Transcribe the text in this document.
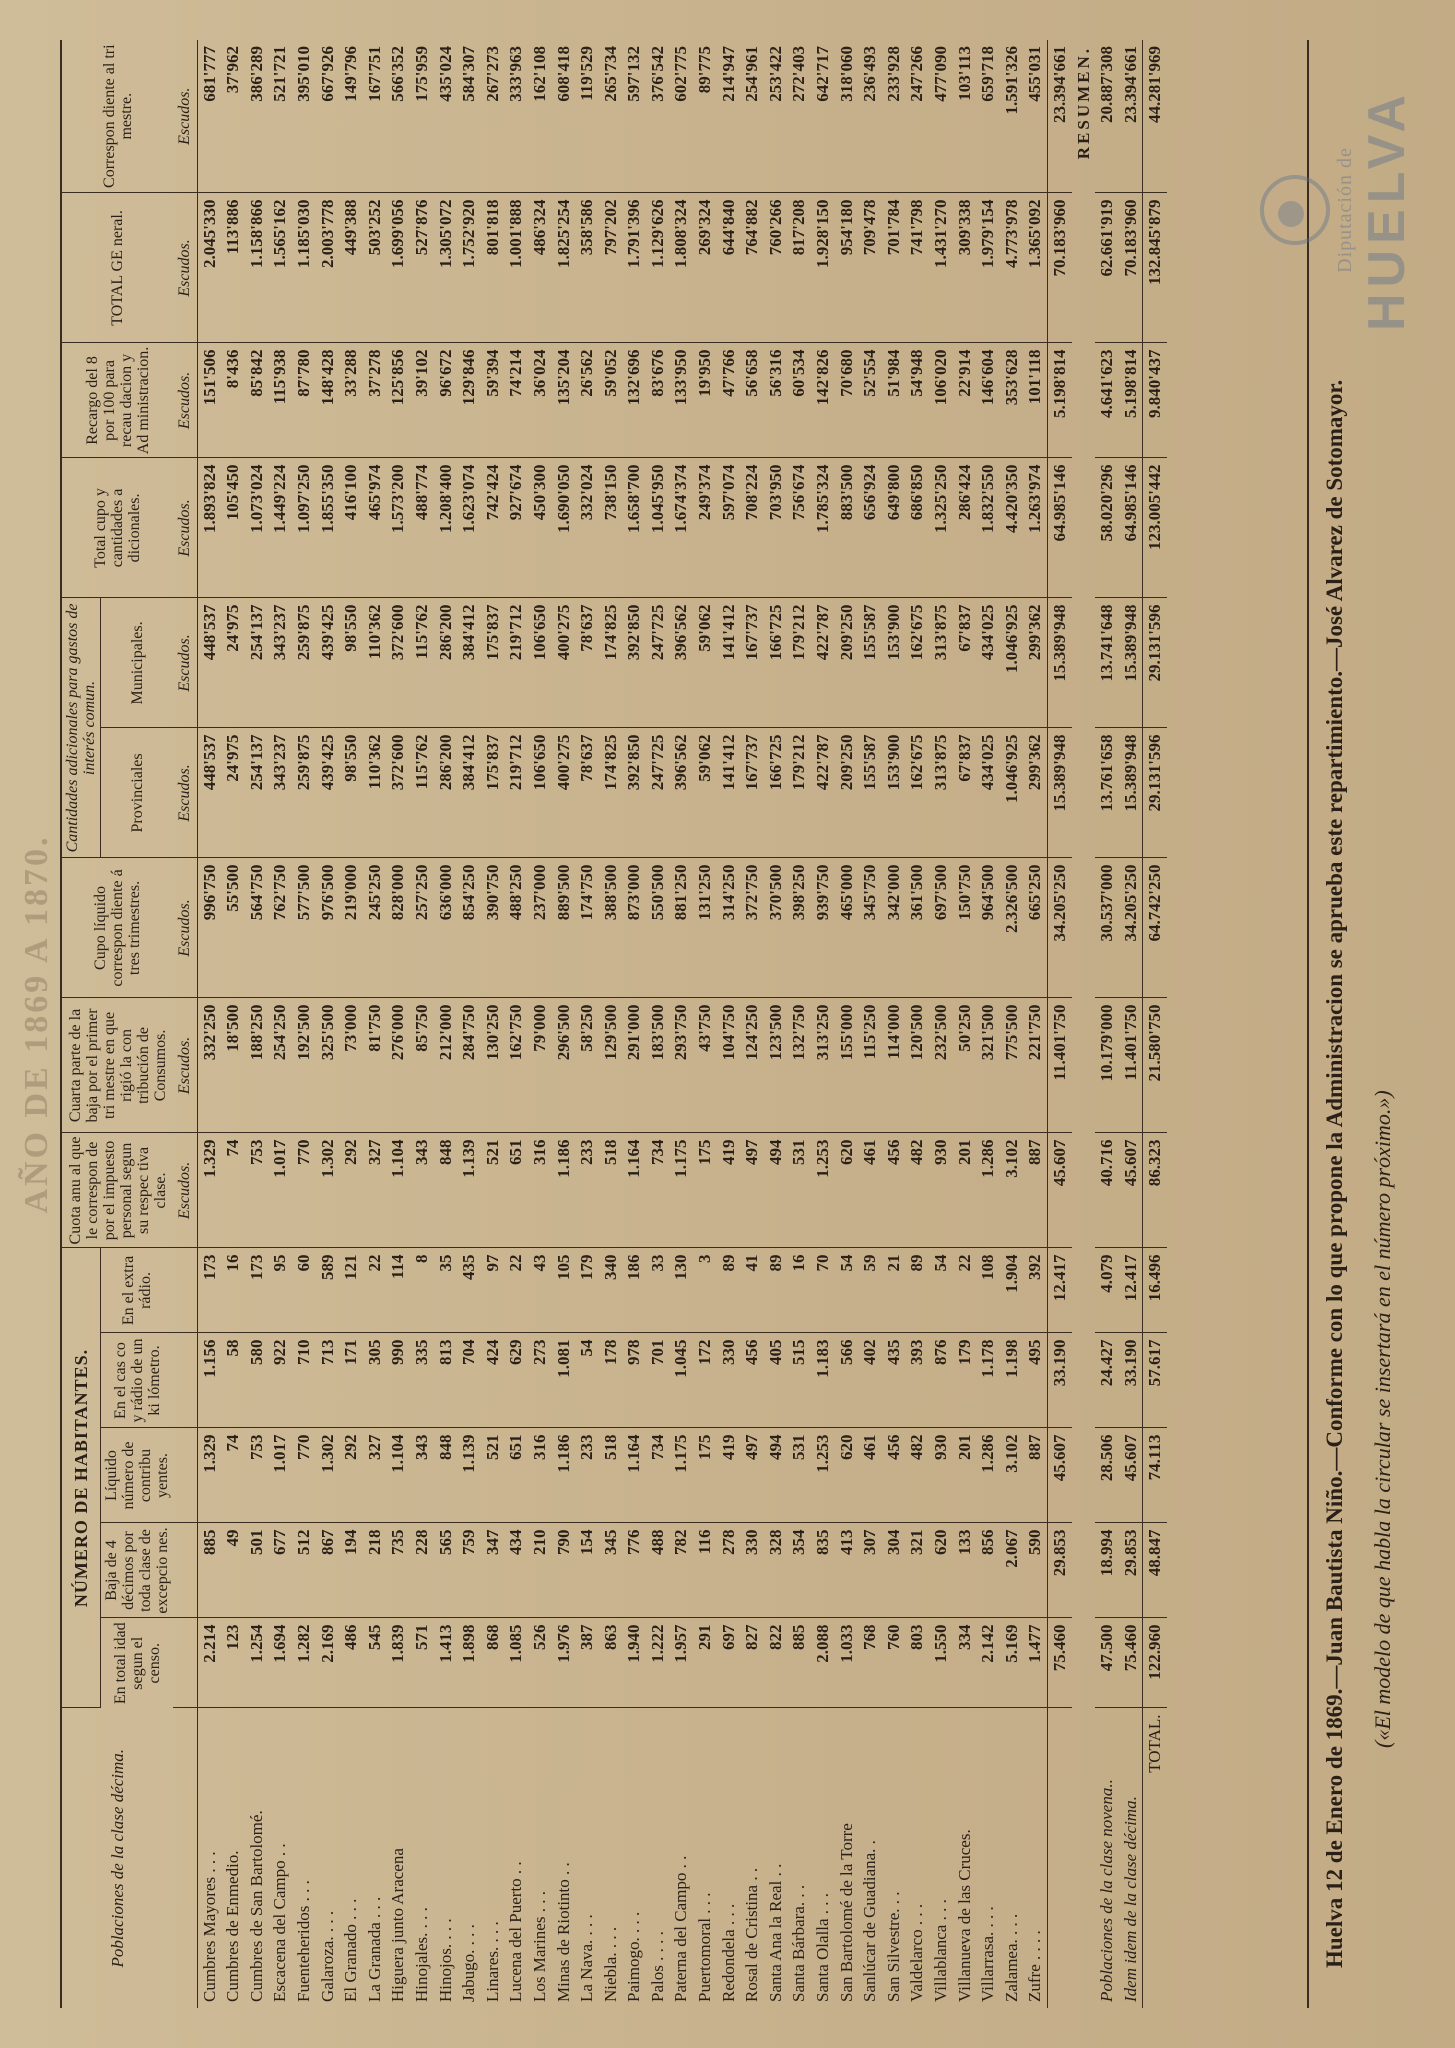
AÑO DE 1869 A 1870.
Poblaciones de la clase décima.	NÚMERO DE HABITANTES.					Cuota anu al que le correspon de por el impuesto personal segun su respec tiva clase.	Cuarta parte de la baja por el primer tri mestre en que rigió la con tribución de Consumos.	Cupo líquido correspon diente á tres trimestres.	Cantidades adicionales para gastos de interés comun.		Total cupo y cantidades a dicionales.	Recargo del 8 por 100 para recau dacion y Ad ministracion.	TOTAL GE neral.	Correspon diente al tri mestre.
	En total idad segun el censo.	Baja de 4 décimos por toda clase de excepcio nes.	Líquido número de contribu yentes.	En el cas co y rádio de un ki lómetro.	En el extra rádio.				Provinciales	Municipales.				
						Escudos.	Escudos.	Escudos.	Escudos.	Escudos.	Escudos.	Escudos.	Escudos.	Escudos.
Cumbres Mayores . . .	2.214	885	1.329	1.156	173	1.329	332'250	996'750	448'537	448'537	1.893'824	151'506	2.045'330	681'777
Cumbres de Enmedio.	123	49	74	58	16	74	18'500	55'500	24'975	24'975	105'450	8'436	113'886	37'962
Cumbres de San Bartolomé.	1.254	501	753	580	173	753	188'250	564'750	254'137	254'137	1.073'024	85'842	1.158'866	386'289
Escacena del Campo . .	1.694	677	1.017	922	95	1.017	254'250	762'750	343'237	343'237	1.449'224	115'938	1.565'162	521'721
Fuenteheridos . . .	1.282	512	770	710	60	770	192'500	577'500	259'875	259'875	1.097'250	87'780	1.185'030	395'010
Galaroza. . . .	2.169	867	1.302	713	589	1.302	325'500	976'500	439'425	439'425	1.855'350	148'428	2.003'778	667'926
El Granado . . .	486	194	292	171	121	292	73'000	219'000	98'550	98'550	416'100	33'288	449'388	149'796
La Granada . . .	545	218	327	305	22	327	81'750	245'250	110'362	110'362	465'974	37'278	503'252	167'751
Higuera junto Aracena	1.839	735	1.104	990	114	1.104	276'000	828'000	372'600	372'600	1.573'200	125'856	1.699'056	566'352
Hinojales. . . .	571	228	343	335	8	343	85'750	257'250	115'762	115'762	488'774	39'102	527'876	175'959
Hinojos. . . .	1.413	565	848	813	35	848	212'000	636'000	286'200	286'200	1.208'400	96'672	1.305'072	435'024
Jabugo. . . .	1.898	759	1.139	704	435	1.139	284'750	854'250	384'412	384'412	1.623'074	129'846	1.752'920	584'307
Linares. . . .	868	347	521	424	97	521	130'250	390'750	175'837	175'837	742'424	59'394	801'818	267'273
Lucena del Puerto . .	1.085	434	651	629	22	651	162'750	488'250	219'712	219'712	927'674	74'214	1.001'888	333'963
Los Marines . . .	526	210	316	273	43	316	79'000	237'000	106'650	106'650	450'300	36'024	486'324	162'108
Minas de Riotinto . .	1.976	790	1.186	1.081	105	1.186	296'500	889'500	400'275	400'275	1.690'050	135'204	1.825'254	608'418
La Nava. . . .	387	154	233	54	179	233	58'250	174'750	78'637	78'637	332'024	26'562	358'586	119'529
Niebla. . . .	863	345	518	178	340	518	129'500	388'500	174'825	174'825	738'150	59'052	797'202	265'734
Paimogo. . . .	1.940	776	1.164	978	186	1.164	291'000	873'000	392'850	392'850	1.658'700	132'696	1.791'396	597'132
Palos . . . .	1.222	488	734	701	33	734	183'500	550'500	247'725	247'725	1.045'950	83'676	1.129'626	376'542
Paterna del Campo . .	1.957	782	1.175	1.045	130	1.175	293'750	881'250	396'562	396'562	1.674'374	133'950	1.808'324	602'775
Puertomoral . . .	291	116	175	172	3	175	43'750	131'250	59'062	59'062	249'374	19'950	269'324	89'775
Redondela . . .	697	278	419	330	89	419	104'750	314'250	141'412	141'412	597'074	47'766	644'840	214'947
Rosal de Cristina . .	827	330	497	456	41	497	124'250	372'750	167'737	167'737	708'224	56'658	764'882	254'961
Santa Ana la Real . .	822	328	494	405	89	494	123'500	370'500	166'725	166'725	703'950	56'316	760'266	253'422
Santa Bárbara. . .	885	354	531	515	16	531	132'750	398'250	179'212	179'212	756'674	60'534	817'208	272'403
Santa Olalla . . .	2.088	835	1.253	1.183	70	1.253	313'250	939'750	422'787	422'787	1.785'324	142'826	1.928'150	642'717
San Bartolomé de la Torre	1.033	413	620	566	54	620	155'000	465'000	209'250	209'250	883'500	70'680	954'180	318'060
Sanlúcar de Guadiana. .	768	307	461	402	59	461	115'250	345'750	155'587	155'587	656'924	52'554	709'478	236'493
San Silvestre. . .	760	304	456	435	21	456	114'000	342'000	153'900	153'900	649'800	51'984	701'784	233'928
Valdelarco . . .	803	321	482	393	89	482	120'500	361'500	162'675	162'675	686'850	54'948	741'798	247'266
Villablanca . . .	1.550	620	930	876	54	930	232'500	697'500	313'875	313'875	1.325'250	106'020	1.431'270	477'090
Villanueva de las Cruces.	334	133	201	179	22	201	50'250	150'750	67'837	67'837	286'424	22'914	309'338	103'113
Villarrasa. . . .	2.142	856	1.286	1.178	108	1.286	321'500	964'500	434'025	434'025	1.832'550	146'604	1.979'154	659'718
Zalamea. . . .	5.169	2.067	3.102	1.198	1.904	3.102	775'500	2.326'500	1.046'925	1.046'925	4.420'350	353'628	4.773'978	1.591'326
Zufre . . . .	1.477	590	887	495	392	887	221'750	665'250	299'362	299'362	1.263'974	101'118	1.365'092	455'031
	75.460	29.853	45.607	33.190	12.417	45.607	11.401'750	34.205'250	15.389'948	15.389'948	64.985'146	5.198'814	70.183'960	23.394'661
RESUMEN.														
Poblaciones de la clase novena..	47.500	18.994	28.506	24.427	4.079	40.716	10.179'000	30.537'000	13.761'658	13.741'648	58.020'296	4.641'623	62.661'919	20.887'308
Idem idem de la clase décima.	75.460	29.853	45.607	33.190	12.417	45.607	11.401'750	34.205'250	15.389'948	15.389'948	64.985'146	5.198'814	70.183'960	23.394'661
TOTAL.	122.960	48.847	74.113	57.617	16.496	86.323	21.580'750	64.742'250	29.131'596	29.131'596	123.005'442	9.840'437	132.845'879	44.281'969
Huelva 12 de Enero de 1869.—Juan Bautista Niño.—Conforme con lo que propone la Administracion se aprueba este repartimiento.—José Alvarez de Sotomayor. («El modelo de que habla la circular se insertará en el número próximo.»)
Diputación de HUELVA
